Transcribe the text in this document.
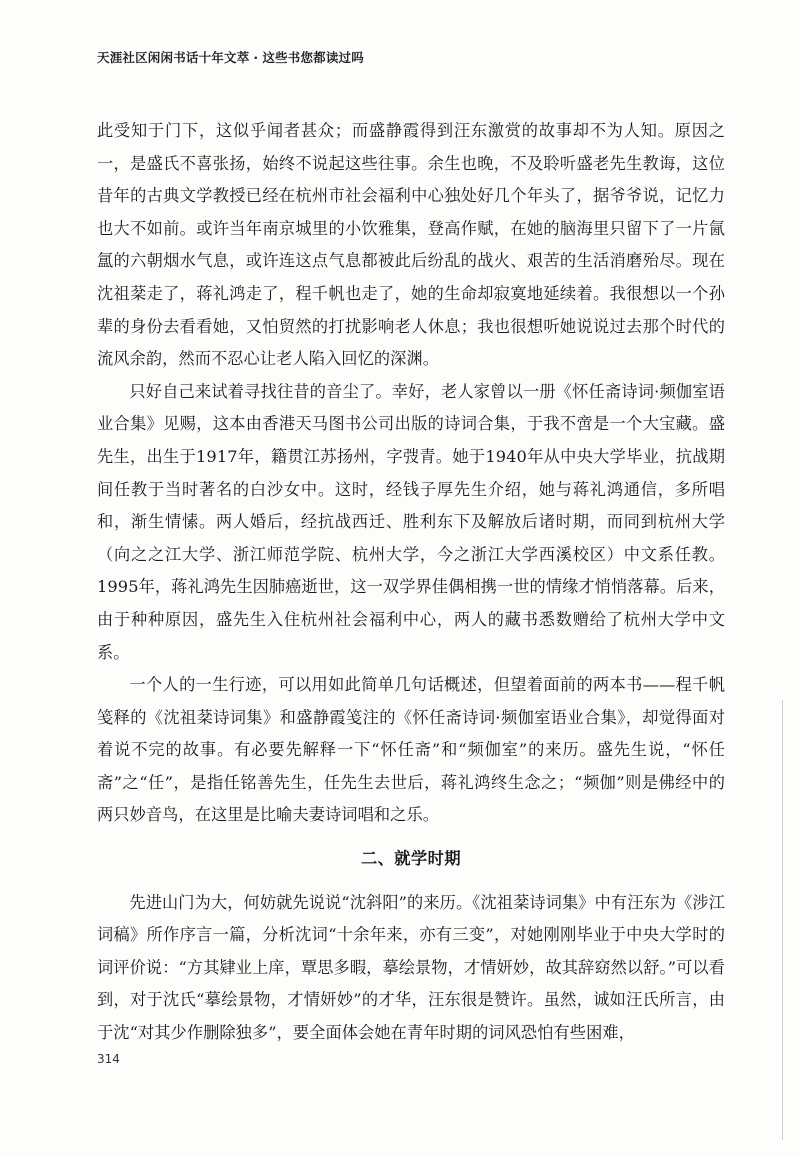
天涯社区闲闲书话十年文萃 · 这些书您都读过吗

此受知于门下，这似乎闻者甚众；而盛静霞得到汪东激赏的故事却不为人知。原因之一，是盛氏不喜张扬，始终不说起这些往事。余生也晚，不及聆听盛老先生教诲，这位昔年的古典文学教授已经在杭州市社会福利中心独处好几个年头了，据爷爷说，记忆力也大不如前。或许当年南京城里的小饮雅集，登高作赋，在她的脑海里只留下了一片氤氲的六朝烟水气息，或许连这点气息都被此后纷乱的战火、艰苦的生活消磨殆尽。现在沈祖棻走了，蒋礼鸿走了，程千帆也走了，她的生命却寂寞地延续着。我很想以一个孙辈的身份去看看她，又怕贸然的打扰影响老人休息；我也很想听她说说过去那个时代的流风余韵，然而不忍心让老人陷入回忆的深渊。

只好自己来试着寻找往昔的音尘了。幸好，老人家曾以一册《怀任斋诗词·频伽室语业合集》见赐，这本由香港天马图书公司出版的诗词合集，于我不啻是一个大宝藏。盛先生，出生于1917年，籍贯江苏扬州，字弢青。她于1940年从中央大学毕业，抗战期间任教于当时著名的白沙女中。这时，经钱子厚先生介绍，她与蒋礼鸿通信，多所唱和，渐生情愫。两人婚后，经抗战西迁、胜利东下及解放后诸时期，而同到杭州大学（向之之江大学、浙江师范学院、杭州大学，今之浙江大学西溪校区）中文系任教。1995年，蒋礼鸿先生因肺癌逝世，这一双学界佳偶相携一世的情缘才悄悄落幕。后来，由于种种原因，盛先生入住杭州社会福利中心，两人的藏书悉数赠给了杭州大学中文系。

一个人的一生行迹，可以用如此简单几句话概述，但望着面前的两本书——程千帆笺释的《沈祖棻诗词集》和盛静霞笺注的《怀任斋诗词·频伽室语业合集》，却觉得面对着说不完的故事。有必要先解释一下“怀任斋”和“频伽室”的来历。盛先生说，“怀任斋”之“任”，是指任铭善先生，任先生去世后，蒋礼鸿终生念之；“频伽”则是佛经中的两只妙音鸟，在这里是比喻夫妻诗词唱和之乐。

二、就学时期

先进山门为大，何妨就先说说“沈斜阳”的来历。《沈祖棻诗词集》中有汪东为《涉江词稿》所作序言一篇，分析沈词“十余年来，亦有三变”，对她刚刚毕业于中央大学时的词评价说：“方其肄业上庠，覃思多暇，摹绘景物，才情妍妙，故其辞窈然以舒。”可以看到，对于沈氏“摹绘景物，才情妍妙”的才华，汪东很是赞许。虽然，诚如汪氏所言，由于沈“对其少作删除独多”，要全面体会她在青年时期的词风恐怕有些困难，

314
